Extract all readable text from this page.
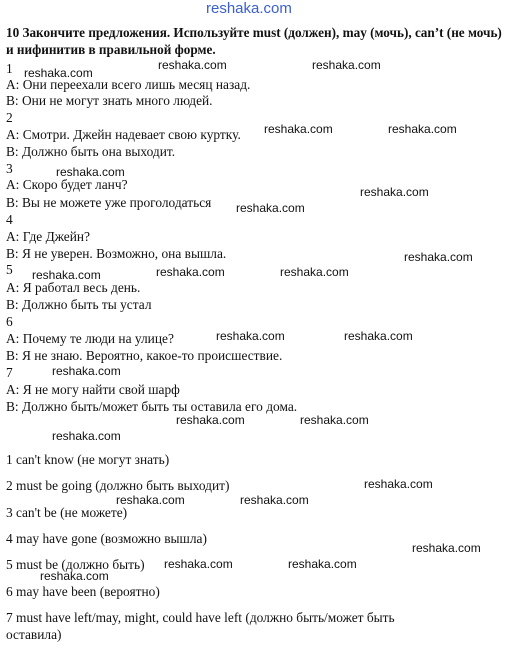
reshaka.com
10 Закончите предложения. Используйте must (должен), may (мочь), can’t (не мочь) и нифинитив в правильной форме.
1
А: Они переехали всего лишь месяц назад.
В: Они не могут знать много людей.
2
А: Смотри. Джейн надевает свою куртку.
В: Должно быть она выходит.
3
А: Скоро будет ланч?
В: Вы не можете уже проголодаться
4
А: Где Джейн?
В: Я не уверен. Возможно, она вышла.
5
А: Я работал весь день.
В: Должно быть ты устал
6
А: Почему те люди на улице?
В: Я не знаю. Вероятно, какое-то происшествие.
7
А: Я не могу найти свой шарф
В: Должно быть/может быть ты оставила его дома.
1 can't know (не могут знать)
2 must be going (должно быть выходит)
3 can't be (не можете)
4 may have gone (возможно вышла)
5 must be (должно быть)
6 may have been (вероятно)
7 must have left/may, might, could have left (должно быть/может быть
оставила)
reshaka.com
reshaka.com	reshaka.com
reshaka.com	reshaka.com
reshaka.com
reshaka.com
reshaka.com
reshaka.com
reshaka.com	reshaka.com	reshaka.com
reshaka.com	reshaka.com
reshaka.com
reshaka.com	reshaka.com
reshaka.com
reshaka.com
reshaka.com	reshaka.com
reshaka.com
reshaka.com	reshaka.com
reshaka.com
